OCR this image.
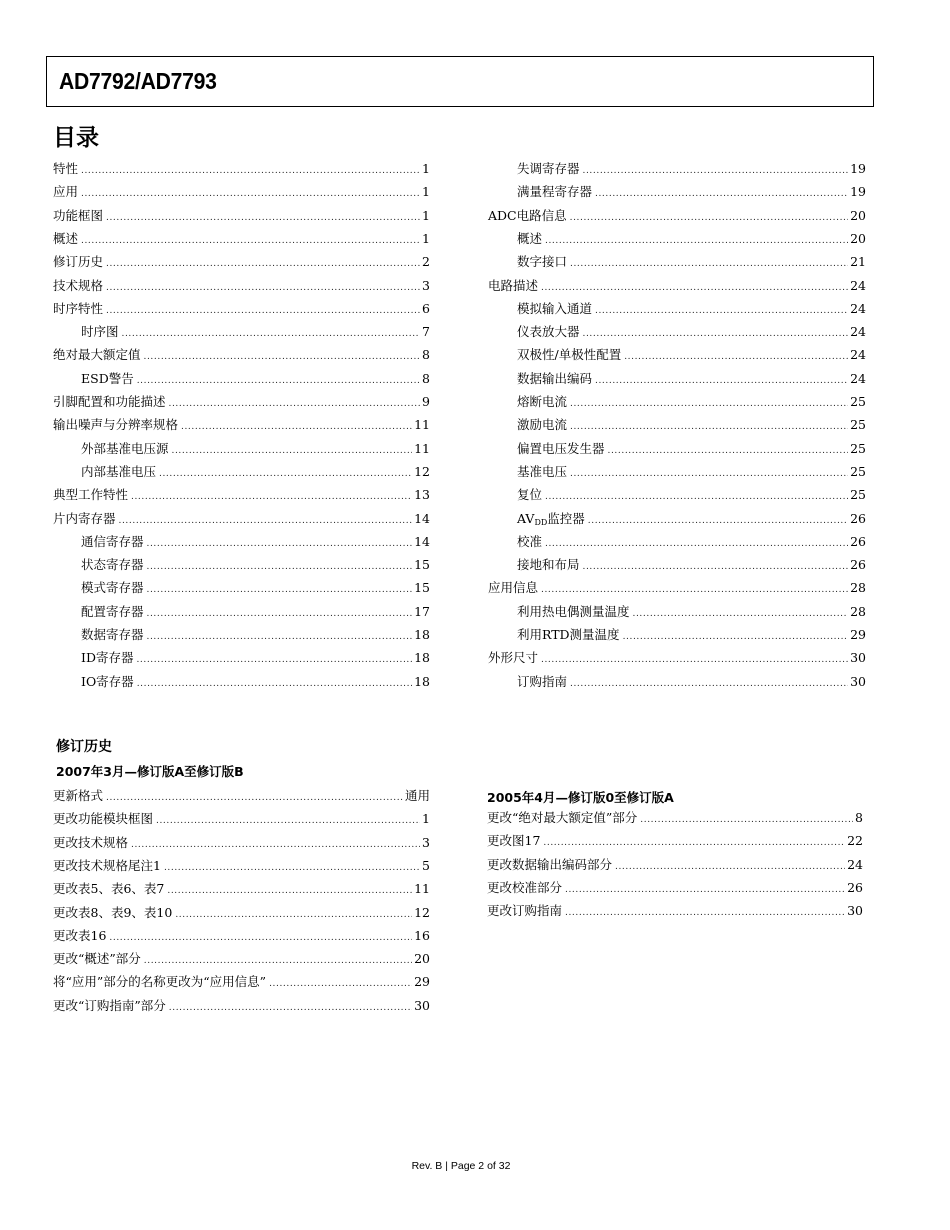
AD7792/AD7793
目录
特性 .....	1
应用 .....	1
功能框图 .....	1
概述 .....	1
修订历史 .....	2
技术规格 .....	3
时序特性 .....	6
时序图 .....	7
绝对最大额定值 .....	8
ESD警告 .....	8
引脚配置和功能描述 .....	9
输出噪声与分辨率规格 .....	11
外部基准电压源 .....	11
内部基准电压 .....	12
典型工作特性 .....	13
片内寄存器 .....	14
通信寄存器 .....	14
状态寄存器 .....	15
模式寄存器 .....	15
配置寄存器 .....	17
数据寄存器 .....	18
ID寄存器 .....	18
IO寄存器 .....	18
失调寄存器 .....	19
满量程寄存器 .....	19
ADC电路信息 .....	20
概述 .....	20
数字接口 .....	21
电路描述 .....	24
模拟输入通道 .....	24
仪表放大器 .....	24
双极性/单极性配置 .....	24
数据输出编码 .....	24
熔断电流 .....	25
激励电流 .....	25
偏置电压发生器 .....	25
基准电压 .....	25
复位 .....	25
$AV_{DD}$监控器 .....	26
校准 .....	26
接地和布局 .....	26
应用信息 .....	28
利用热电偶测量温度 .....	28
利用RTD测量温度 .....	29
外形尺寸 .....	30
订购指南 .....	30
修订历史
2007年3月—修订版A至修订版B
2005年4月—修订版0至修订版A
更新格式 .....	通用
更改功能模块框图 .....	1
更改技术规格 .....	3
更改技术规格尾注1 .....	5
更改表5、表6、表7 .....	11
更改表8、表9、表10 .....	12
更改表16 .....	16
更改“概述”部分 .....	20
将“应用”部分的名称更改为“应用信息” .....	29
更改“订购指南”部分 .....	30
更改“绝对最大额定值”部分 .....	8
更改图17 .....	22
更改数据输出编码部分 .....	24
更改校准部分 .....	26
更改订购指南 .....	30
Rev. B | Page 2 of 32
